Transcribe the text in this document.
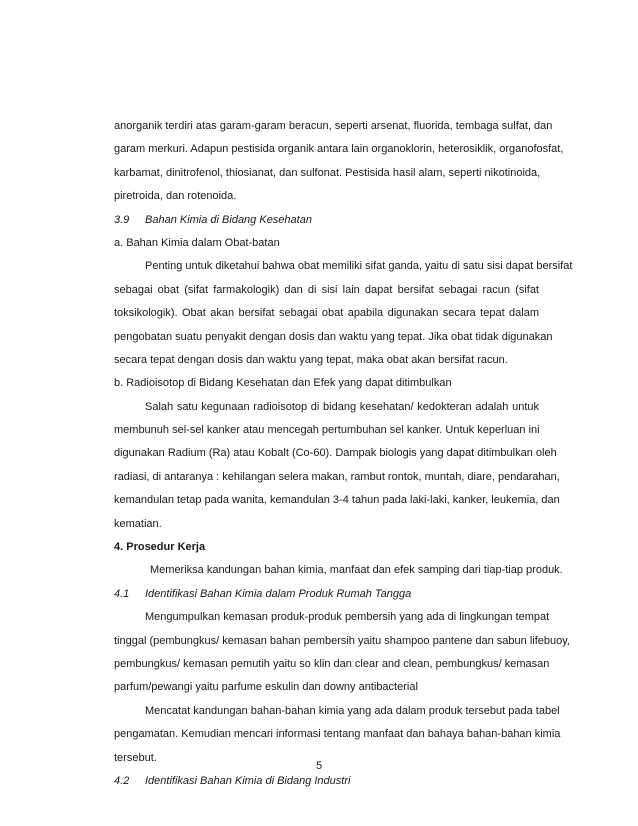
anorganik terdiri atas garam-garam beracun, seperti arsenat, fluorida, tembaga sulfat, dan
garam merkuri. Adapun pestisida organik antara lain organoklorin, heterosiklik, organofosfat,
karbamat, dinitrofenol, thiosianat, dan sulfonat. Pestisida hasil alam, seperti nikotinoida,
piretroida, dan rotenoida.
3.9 Bahan Kimia di Bidang Kesehatan
a. Bahan Kimia dalam Obat-batan
Penting untuk diketahui bahwa obat memiliki sifat ganda, yaitu di satu sisi dapat bersifat
sebagai obat (sifat farmakologik) dan di sisi lain dapat bersifat sebagai racun (sifat
toksikologik). Obat akan bersifat sebagai obat apabila digunakan secara tepat dalam
pengobatan suatu penyakit dengan dosis dan waktu yang tepat. Jika obat tidak digunakan
secara tepat dengan dosis dan waktu yang tepat, maka obat akan bersifat racun.
b. Radioisotop di Bidang Kesehatan dan Efek yang dapat ditimbulkan
Salah satu kegunaan radioisotop di bidang kesehatan/ kedokteran adalah untuk
membunuh sel-sel kanker atau mencegah pertumbuhan sel kanker. Untuk keperluan ini
digunakan Radium (Ra) atau Kobalt (Co-60). Dampak biologis yang dapat ditimbulkan oleh
radiasi, di antaranya : kehilangan selera makan, rambut rontok, muntah, diare, pendarahan,
kemandulan tetap pada wanita, kemandulan 3-4 tahun pada laki-laki, kanker, leukemia, dan
kematian.
4. Prosedur Kerja
Memeriksa kandungan bahan kimia, manfaat dan efek samping dari tiap-tiap produk.
4.1 Identifikasi Bahan Kimia dalam Produk Rumah Tangga
Mengumpulkan kemasan produk-produk pembersih yang ada di lingkungan tempat
tinggal (pembungkus/ kemasan bahan pembersih yaitu shampoo pantene dan sabun lifebuoy,
pembungkus/ kemasan pemutih yaitu so klin dan clear and clean, pembungkus/ kemasan
parfum/pewangi yaitu parfume eskulin dan downy antibacterial
Mencatat kandungan bahan-bahan kimia yang ada dalam produk tersebut pada tabel
pengamatan. Kemudian mencari informasi tentang manfaat dan bahaya bahan-bahan kimia
tersebut.
4.2 Identifikasi Bahan Kimia di Bidang Industri
5
